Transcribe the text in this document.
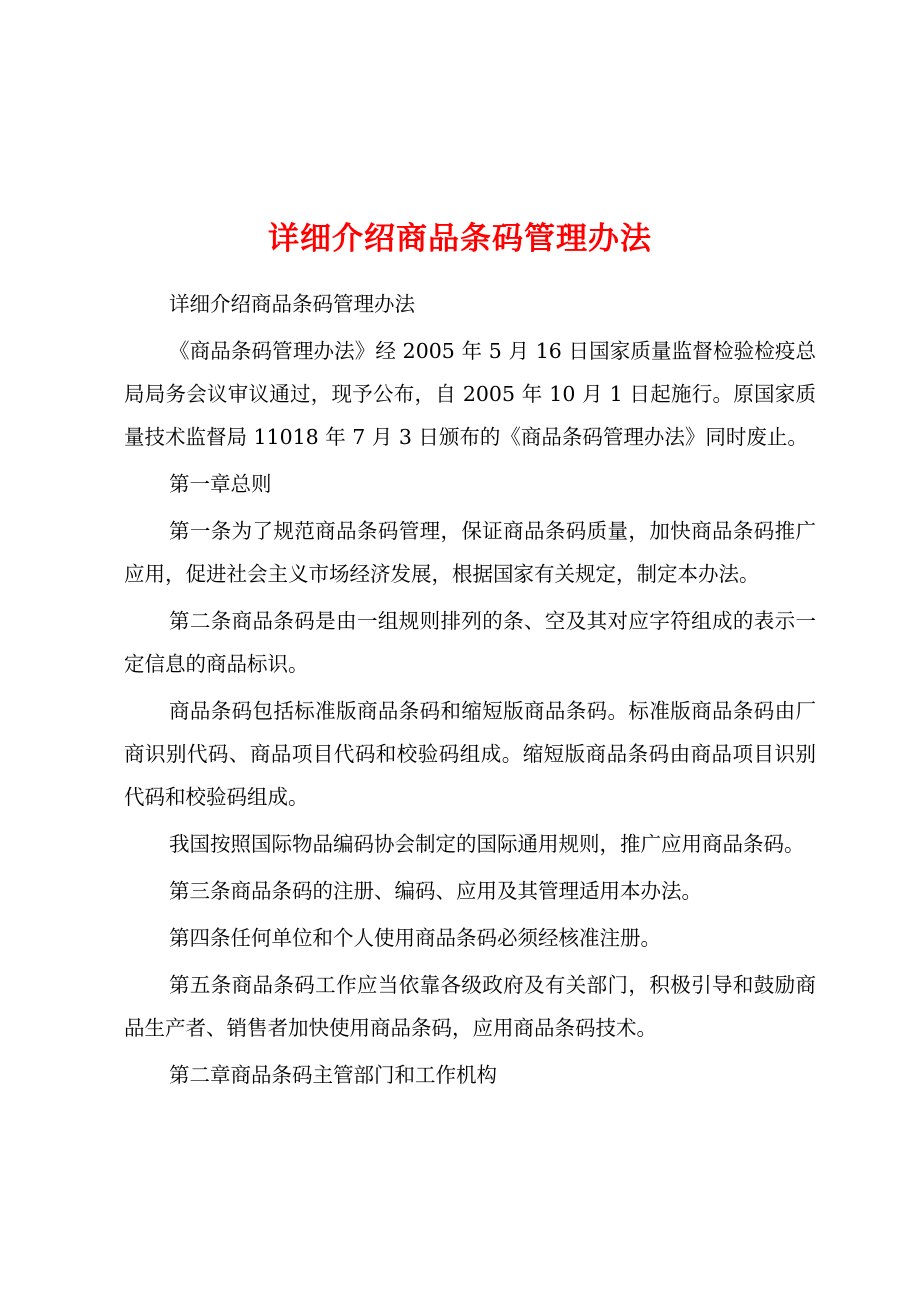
详细介绍商品条码管理办法

详细介绍商品条码管理办法

《商品条码管理办法》经 2005 年 5 月 16 日国家质量监督检验检疫总局局务会议审议通过，现予公布，自 2005 年 10 月 1 日起施行。原国家质量技术监督局 11018 年 7 月 3 日颁布的《商品条码管理办法》同时废止。

第一章总则

第一条为了规范商品条码管理，保证商品条码质量，加快商品条码推广应用，促进社会主义市场经济发展，根据国家有关规定，制定本办法。

第二条商品条码是由一组规则排列的条、空及其对应字符组成的表示一定信息的商品标识。

商品条码包括标准版商品条码和缩短版商品条码。标准版商品条码由厂商识别代码、商品项目代码和校验码组成。缩短版商品条码由商品项目识别代码和校验码组成。

我国按照国际物品编码协会制定的国际通用规则，推广应用商品条码。

第三条商品条码的注册、编码、应用及其管理适用本办法。

第四条任何单位和个人使用商品条码必须经核准注册。

第五条商品条码工作应当依靠各级政府及有关部门，积极引导和鼓励商品生产者、销售者加快使用商品条码，应用商品条码技术。

第二章商品条码主管部门和工作机构
